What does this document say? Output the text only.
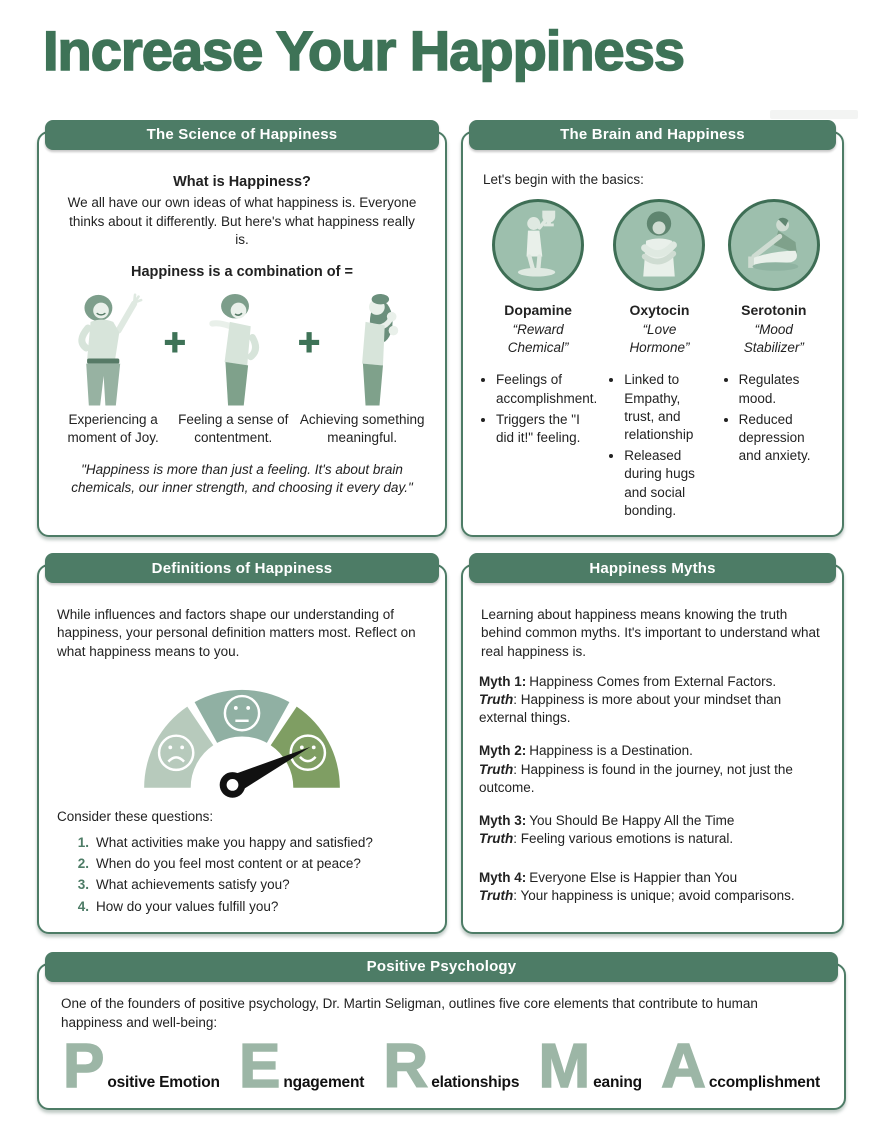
Increase Your Happiness
The Science of Happiness
What is Happiness?
We all have our own ideas of what happiness is. Everyone thinks about it differently. But here's what happiness really is.
Happiness is a combination of =
+	+
Experiencing a moment of Joy.
Feeling a sense of contentment.
Achieving something meaningful.
"Happiness is more than just a feeling. It's about brain chemicals, our inner strength, and choosing it every day."
The Brain and Happiness
Let's begin with the basics:
Dopamine
“Reward Chemical”
• Feelings of accomplishment.
• Triggers the "I did it!" feeling.
Oxytocin
“Love Hormone”
• Linked to Empathy, trust, and relationship
• Released during hugs and social bonding.
Serotonin
“Mood Stabilizer”
• Regulates mood.
• Reduced depression and anxiety.
Definitions of Happiness
While influences and factors shape our understanding of happiness, your personal definition matters most. Reflect on what happiness means to you.
Consider these questions:
1. What activities make you happy and satisfied?
2. When do you feel most content or at peace?
3. What achievements satisfy you?
4. How do your values fulfill you?
Happiness Myths
Learning about happiness means knowing the truth behind common myths. It's important to understand what real happiness is.
Myth 1: Happiness Comes from External Factors.
Truth: Happiness is more about your mindset than external things.
Myth 2: Happiness is a Destination.
Truth: Happiness is found in the journey, not just the outcome.
Myth 3: You Should Be Happy All the Time
Truth: Feeling various emotions is natural.
Myth 4: Everyone Else is Happier than You
Truth: Your happiness is unique; avoid comparisons.
Positive Psychology
One of the founders of positive psychology, Dr. Martin Seligman, outlines five core elements that contribute to human happiness and well-being:
P ositive Emotion E ngagement R elationships M eaning A ccomplishment
